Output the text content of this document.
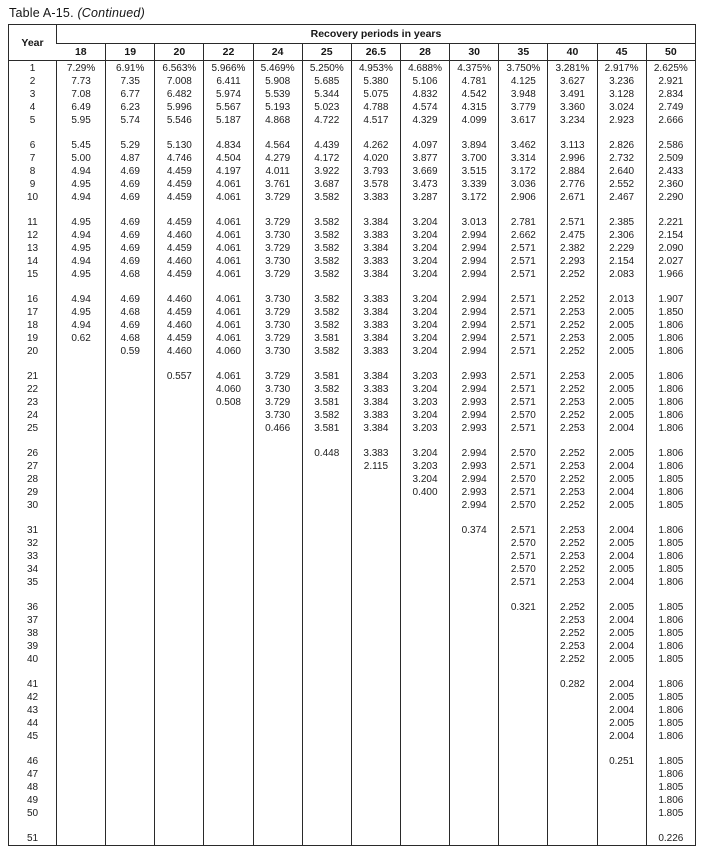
Table A-15. (Continued)
Year	Recovery periods in years												
	18	19	20	22	24	25	26.5	28	30	35	40	45	50
1	7.29%	6.91%	6.563%	5.966%	5.469%	5.250%	4.953%	4.688%	4.375%	3.750%	3.281%	2.917%	2.625%
2	7.73	7.35	7.008	6.411	5.908	5.685	5.380	5.106	4.781	4.125	3.627	3.236	2.921
3	7.08	6.77	6.482	5.974	5.539	5.344	5.075	4.832	4.542	3.948	3.491	3.128	2.834
4	6.49	6.23	5.996	5.567	5.193	5.023	4.788	4.574	4.315	3.779	3.360	3.024	2.749
5	5.95	5.74	5.546	5.187	4.868	4.722	4.517	4.329	4.099	3.617	3.234	2.923	2.666

6	5.45	5.29	5.130	4.834	4.564	4.439	4.262	4.097	3.894	3.462	3.113	2.826	2.586
7	5.00	4.87	4.746	4.504	4.279	4.172	4.020	3.877	3.700	3.314	2.996	2.732	2.509
8	4.94	4.69	4.459	4.197	4.011	3.922	3.793	3.669	3.515	3.172	2.884	2.640	2.433
9	4.95	4.69	4.459	4.061	3.761	3.687	3.578	3.473	3.339	3.036	2.776	2.552	2.360
10	4.94	4.69	4.459	4.061	3.729	3.582	3.383	3.287	3.172	2.906	2.671	2.467	2.290

11	4.95	4.69	4.459	4.061	3.729	3.582	3.384	3.204	3.013	2.781	2.571	2.385	2.221
12	4.94	4.69	4.460	4.061	3.730	3.582	3.383	3.204	2.994	2.662	2.475	2.306	2.154
13	4.95	4.69	4.459	4.061	3.729	3.582	3.384	3.204	2.994	2.571	2.382	2.229	2.090
14	4.94	4.69	4.460	4.061	3.730	3.582	3.383	3.204	2.994	2.571	2.293	2.154	2.027
15	4.95	4.68	4.459	4.061	3.729	3.582	3.384	3.204	2.994	2.571	2.252	2.083	1.966

16	4.94	4.69	4.460	4.061	3.730	3.582	3.383	3.204	2.994	2.571	2.252	2.013	1.907
17	4.95	4.68	4.459	4.061	3.729	3.582	3.384	3.204	2.994	2.571	2.253	2.005	1.850
18	4.94	4.69	4.460	4.061	3.730	3.582	3.383	3.204	2.994	2.571	2.252	2.005	1.806
19	0.62	4.68	4.459	4.061	3.729	3.581	3.384	3.204	2.994	2.571	2.253	2.005	1.806
20		0.59	4.460	4.060	3.730	3.582	3.383	3.204	2.994	2.571	2.252	2.005	1.806

21			0.557	4.061	3.729	3.581	3.384	3.203	2.993	2.571	2.253	2.005	1.806
22				4.060	3.730	3.582	3.383	3.204	2.994	2.571	2.252	2.005	1.806
23				0.508	3.729	3.581	3.384	3.203	2.993	2.571	2.253	2.005	1.806
24					3.730	3.582	3.383	3.204	2.994	2.570	2.252	2.005	1.806
25					0.466	3.581	3.384	3.203	2.993	2.571	2.253	2.004	1.806

26						0.448	3.383	3.204	2.994	2.570	2.252	2.005	1.806
27							2.115	3.203	2.993	2.571	2.253	2.004	1.806
28								3.204	2.994	2.570	2.252	2.005	1.805
29								0.400	2.993	2.571	2.253	2.004	1.806
30									2.994	2.570	2.252	2.005	1.805

31									0.374	2.571	2.253	2.004	1.806
32										2.570	2.252	2.005	1.805
33										2.571	2.253	2.004	1.806
34										2.570	2.252	2.005	1.805
35										2.571	2.253	2.004	1.806

36										0.321	2.252	2.005	1.805
37											2.253	2.004	1.806
38											2.252	2.005	1.805
39											2.253	2.004	1.806
40											2.252	2.005	1.805

41											0.282	2.004	1.806
42												2.005	1.805
43												2.004	1.806
44												2.005	1.805
45												2.004	1.806

46												0.251	1.805
47													1.806
48													1.805
49													1.806
50													1.805

51													0.226
